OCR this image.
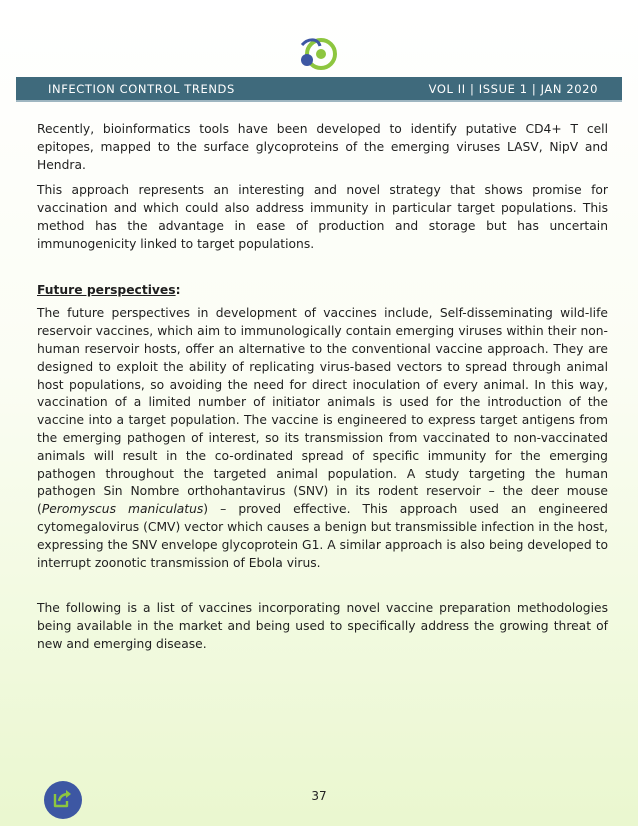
INFECTION CONTROL TRENDS	VOL II | ISSUE 1 | JAN 2020

Recently, bioinformatics tools have been developed to identify putative CD4+ T cell epitopes, mapped to the surface glycoproteins of the emerging viruses LASV, NipV and Hendra.

This approach represents an interesting and novel strategy that shows promise for vaccination and which could also address immunity in particular target populations. This method has the advantage in ease of production and storage but has uncertain immunogenicity linked to target populations.

Future perspectives:

The future perspectives in development of vaccines include, Self-disseminating wild-life reservoir vaccines, which aim to immunologically contain emerging viruses within their non-human reservoir hosts, offer an alternative to the conventional vaccine approach. They are designed to exploit the ability of replicating virus-based vectors to spread through animal host populations, so avoiding the need for direct inoculation of every animal. In this way, vaccination of a limited number of initiator animals is used for the introduction of the vaccine into a target population. The vaccine is engineered to express target antigens from the emerging pathogen of interest, so its transmission from vaccinated to non-vaccinated animals will result in the co-ordinated spread of specific immunity for the emerging pathogen throughout the targeted animal population. A study targeting the human pathogen Sin Nombre orthohantavirus (SNV) in its rodent reservoir – the deer mouse (Peromyscus maniculatus) – proved effective. This approach used an engineered cytomegalovirus (CMV) vector which causes a benign but transmissible infection in the host, expressing the SNV envelope glycoprotein G1. A similar approach is also being developed to interrupt zoonotic transmission of Ebola virus.

The following is a list of vaccines incorporating novel vaccine preparation methodologies being available in the market and being used to specifically address the growing threat of new and emerging disease.

37
